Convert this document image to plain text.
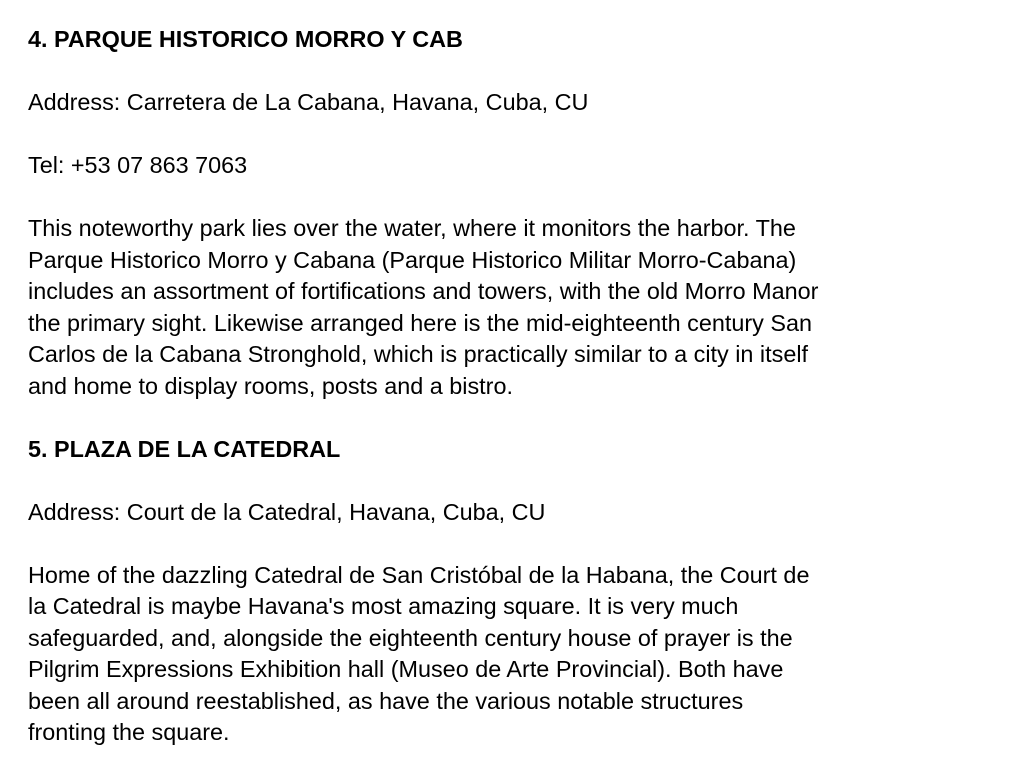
4. PARQUE HISTORICO MORRO Y CAB

Address: Carretera de La Cabana, Havana, Cuba, CU

Tel: +53 07 863 7063

This noteworthy park lies over the water, where it monitors the harbor. The
Parque Historico Morro y Cabana (Parque Historico Militar Morro-Cabana)
includes an assortment of fortifications and towers, with the old Morro Manor
the primary sight. Likewise arranged here is the mid-eighteenth century San
Carlos de la Cabana Stronghold, which is practically similar to a city in itself
and home to display rooms, posts and a bistro.

5. PLAZA DE LA CATEDRAL

Address: Court de la Catedral, Havana, Cuba, CU

Home of the dazzling Catedral de San Cristóbal de la Habana, the Court de
la Catedral is maybe Havana's most amazing square. It is very much
safeguarded, and, alongside the eighteenth century house of prayer is the
Pilgrim Expressions Exhibition hall (Museo de Arte Provincial). Both have
been all around reestablished, as have the various notable structures
fronting the square.
